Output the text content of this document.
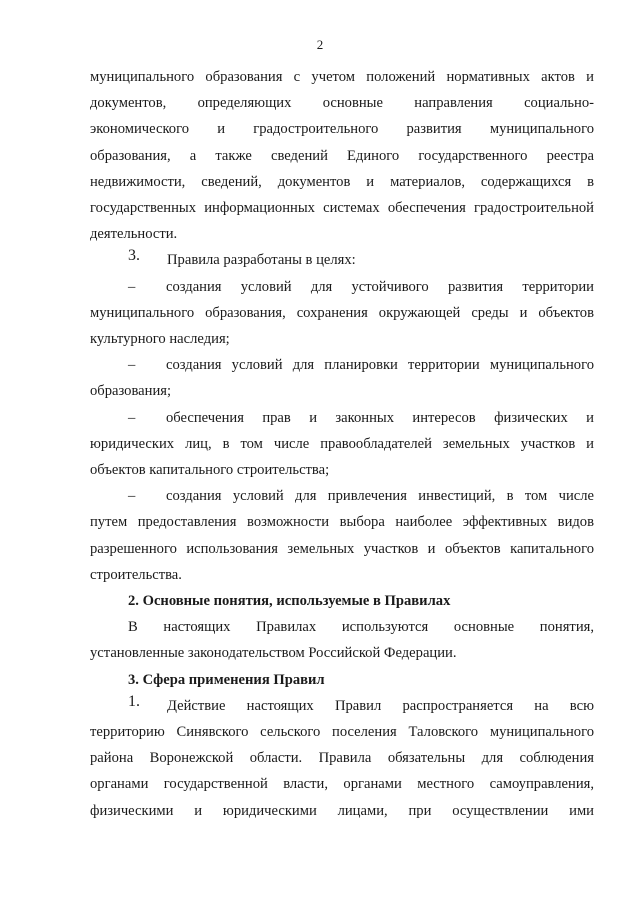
2

муниципального образования с учетом положений нормативных актов и

документов, определяющих основные направления социально-

экономического и градостроительного развития муниципального

образования, а также сведений Единого государственного реестра

недвижимости, сведений, документов и материалов, содержащихся в

государственных информационных системах обеспечения градостроительной

деятельности.

3.	Правила разработаны в целях:

– создания условий для устойчивого развития территории

муниципального образования, сохранения окружающей среды и объектов

культурного наследия;

– создания условий для планировки территории муниципального

образования;

– обеспечения прав и законных интересов физических и

юридических лиц, в том числе правообладателей земельных участков и

объектов капитального строительства;

– создания условий для привлечения инвестиций, в том числе

путем предоставления возможности выбора наиболее эффективных видов

разрешенного использования земельных участков и объектов капитального

строительства.

2. Основные понятия, используемые в Правилах

В настоящих Правилах используются основные понятия,

установленные законодательством Российской Федерации.

3. Сфера применения Правил
1.	Действие настоящих Правил распространяется на всю

территорию Синявского сельского поселения Таловского муниципального

района Воронежской области. Правила обязательны для соблюдения

органами государственной власти, органами местного самоуправления,

физическими и юридическими лицами, при осуществлении ими
